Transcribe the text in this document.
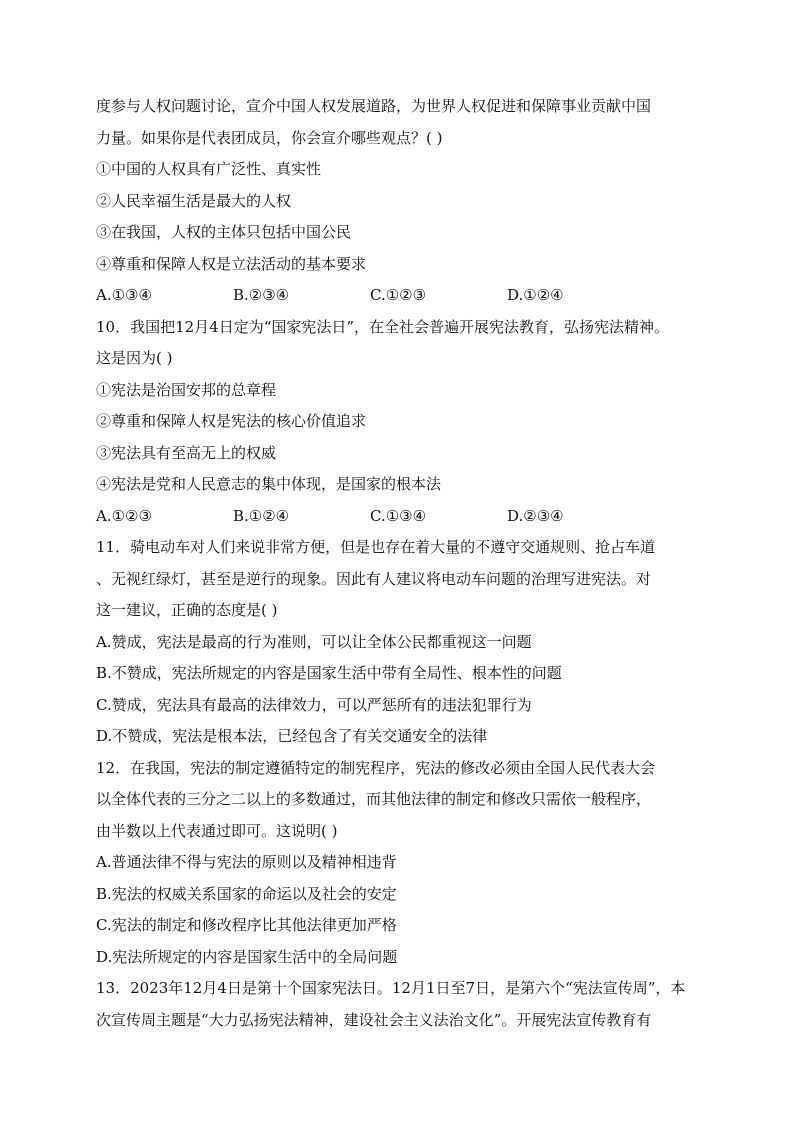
度参与人权问题讨论，宣介中国人权发展道路，为世界人权促进和保障事业贡献中国
力量。如果你是代表团成员，你会宣介哪些观点？( )
①中国的人权具有广泛性、真实性
②人民幸福生活是最大的人权
③在我国，人权的主体只包括中国公民
④尊重和保障人权是立法活动的基本要求
A.①③④	B.②③④	C.①②③	D.①②④
10．我国把12月4日定为“国家宪法日”，在全社会普遍开展宪法教育，弘扬宪法精神。
这是因为( )
①宪法是治国安邦的总章程
②尊重和保障人权是宪法的核心价值追求
③宪法具有至高无上的权威
④宪法是党和人民意志的集中体现，是国家的根本法
A.①②③	B.①②④	C.①③④	D.②③④
11．骑电动车对人们来说非常方便，但是也存在着大量的不遵守交通规则、抢占车道
、无视红绿灯，甚至是逆行的现象。因此有人建议将电动车问题的治理写进宪法。对
这一建议，正确的态度是( )
A.赞成，宪法是最高的行为准则，可以让全体公民都重视这一问题
B.不赞成，宪法所规定的内容是国家生活中带有全局性、根本性的问题
C.赞成，宪法具有最高的法律效力，可以严惩所有的违法犯罪行为
D.不赞成，宪法是根本法，已经包含了有关交通安全的法律
12．在我国，宪法的制定遵循特定的制宪程序，宪法的修改必须由全国人民代表大会
以全体代表的三分之二以上的多数通过，而其他法律的制定和修改只需依一般程序，
由半数以上代表通过即可。这说明( )
A.普通法律不得与宪法的原则以及精神相违背
B.宪法的权威关系国家的命运以及社会的安定
C.宪法的制定和修改程序比其他法律更加严格
D.宪法所规定的内容是国家生活中的全局问题
13．2023年12月4日是第十个国家宪法日。12月1日至7日，是第六个“宪法宣传周”，本
次宣传周主题是“大力弘扬宪法精神，建设社会主义法治文化”。开展宪法宣传教育有
